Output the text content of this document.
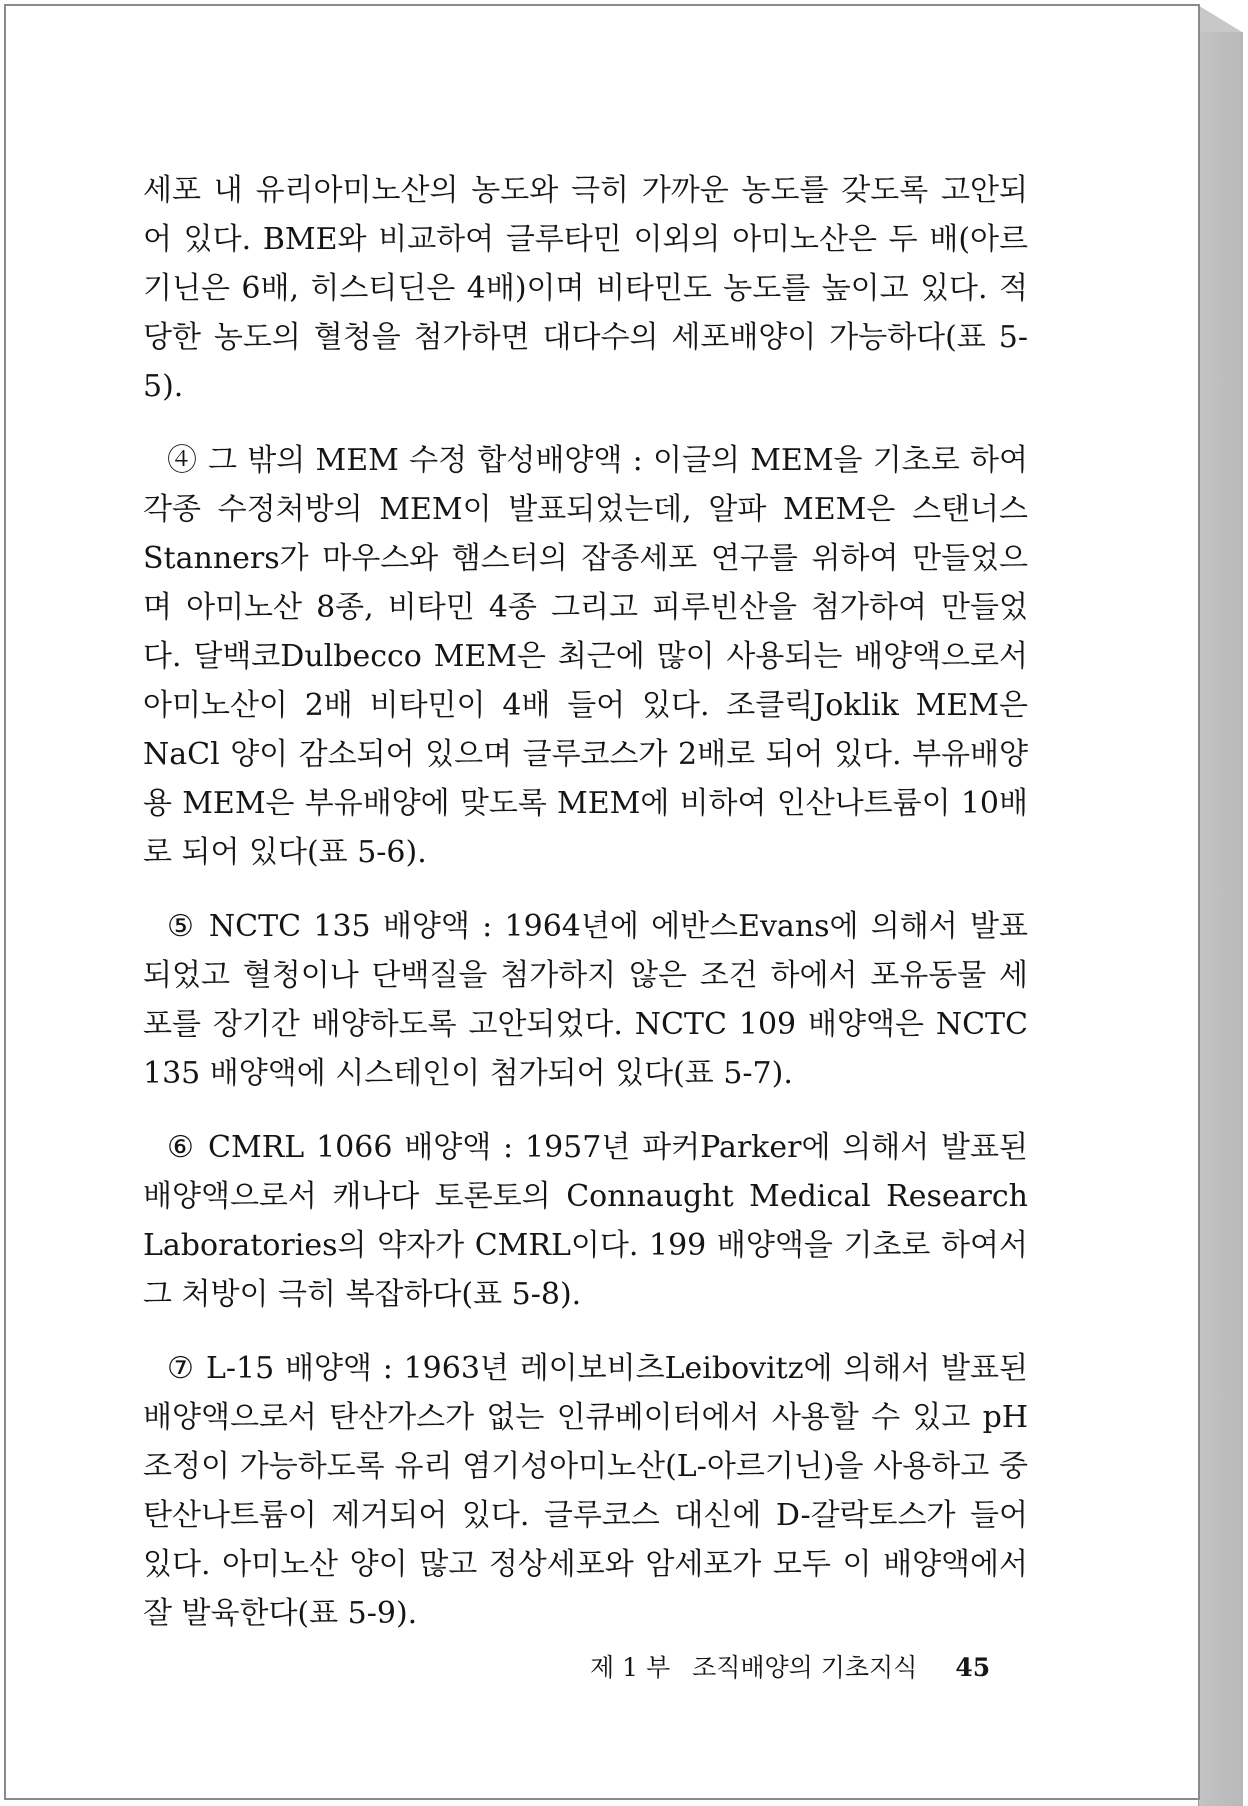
세포 내 유리아미노산의 농도와 극히 가까운 농도를 갖도록 고안되어 있다. BME와 비교하여 글루타민 이외의 아미노산은 두 배(아르기닌은 6배, 히스티딘은 4배)이며 비타민도 농도를 높이고 있다. 적당한 농도의 혈청을 첨가하면 대다수의 세포배양이 가능하다(표 5-5).

④ 그 밖의 MEM 수정 합성배양액 : 이글의 MEM을 기초로 하여 각종 수정처방의 MEM이 발표되었는데, 알파 MEM은 스탠너스Stanners가 마우스와 햄스터의 잡종세포 연구를 위하여 만들었으며 아미노산 8종, 비타민 4종 그리고 피루빈산을 첨가하여 만들었다. 달백코Dulbecco MEM은 최근에 많이 사용되는 배양액으로서 아미노산이 2배 비타민이 4배 들어 있다. 조클릭Joklik MEM은 NaCl 양이 감소되어 있으며 글루코스가 2배로 되어 있다. 부유배양용 MEM은 부유배양에 맞도록 MEM에 비하여 인산나트륨이 10배로 되어 있다(표 5-6).

⑤ NCTC 135 배양액 : 1964년에 에반스Evans에 의해서 발표되었고 혈청이나 단백질을 첨가하지 않은 조건 하에서 포유동물 세포를 장기간 배양하도록 고안되었다. NCTC 109 배양액은 NCTC 135 배양액에 시스테인이 첨가되어 있다(표 5-7).

⑥ CMRL 1066 배양액 : 1957년 파커Parker에 의해서 발표된 배양액으로서 캐나다 토론토의 Connaught Medical Research Laboratories의 약자가 CMRL이다. 199 배양액을 기초로 하여서 그 처방이 극히 복잡하다(표 5-8).

⑦ L-15 배양액 : 1963년 레이보비츠Leibovitz에 의해서 발표된 배양액으로서 탄산가스가 없는 인큐베이터에서 사용할 수 있고 pH 조정이 가능하도록 유리 염기성아미노산(L-아르기닌)을 사용하고 중탄산나트륨이 제거되어 있다. 글루코스 대신에 D-갈락토스가 들어 있다. 아미노산 양이 많고 정상세포와 암세포가 모두 이 배양액에서 잘 발육한다(표 5-9).

제 1 부 조직배양의 기초지식 45
